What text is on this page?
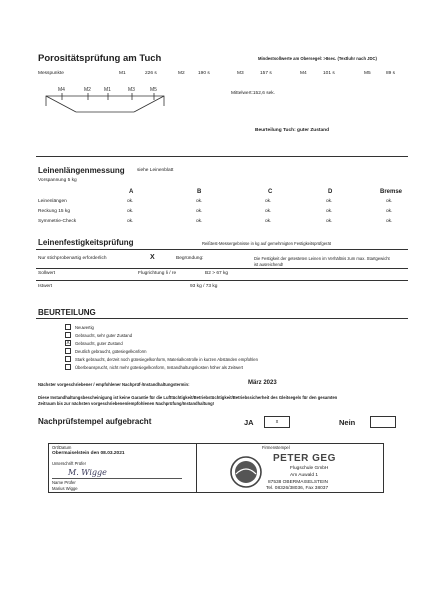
Porositätsprüfung am Tuch	Mindestsollwerte am Obersegel: >8sec. (Textluhr nach JDC)
Messpunkte	M1	226 s	M2	190 s	M3	157 s	M4	101 s	M5	89 s
M4	M2	M1	M3	M5
Mittelwert:152,6 sek.
Beurteilung Tuch: guter Zustand
Leinenlängenmessung	siehe Leinenblatt
Vorspannung 5 kg
A	B	C	D	Bremse
Leinenlängen	ok.	ok.	ok.	ok.	ok.
Reckung 15 kg	ok.	ok.	ok.	ok.	ok.
Symmetrie-Check	ok.	ok.	ok.	ok.	ok.
Leinenfestigkeitsprüfung	Reißtest-Messergebnisse in kg auf gemehmigten Festigkeitsprüfgerät
Nur stichprobenartig erforderlich	X	Begründung:	Die Festigkeit der getesteten Leinen im Verhältnis zum max. Startgewicht
ist ausreichend!
Sollwert	Flugrichtung li / re	B2 > 67 kg
Istwert	93 kg / 73 kg
BEURTEILUNG
Neuwertig
Gebraucht, sehr guter Zustand
X	Gebraucht, guter Zustand
Deutlich gebraucht, gütesiegelkonform
Stark gebraucht, derzeit noch gütesiegelkonform, Materialkontrolle in kurzen Abständen empfohlen
Überbeansprucht, nicht mehr gütesiegelkonform, Instandhaltungskosten höher als Zeitwert
Nächster vorgeschriebener / empfohlener Nachprüf-/Instandhaltungstermin:	März 2023
Diese Instandhaltungsbescheinigung ist keine Garantie für die Lufttüchtigkeit/Betriebstüchtigkeit/Betriebssicherheit des Gleitsegels für den gesamten
Zeitraum bis zur nächsten vorgeschriebenen/empfohlenen Nachprüfung/Instandhaltung!
Nachprüfstempel aufgebracht	JA	x	Nein
Ort/Datum
Obermaiselstein den 08.03.2021
Unterschrift Prüfer
M. Wigge
Name Prüfer
Marius Wigge
Firmenstempel
PETER GEG
Flugschule GmbH
Am Auwald 1
87538 OBERMAISELSTEIN
Tel. 08326/38036, Fax 38037
